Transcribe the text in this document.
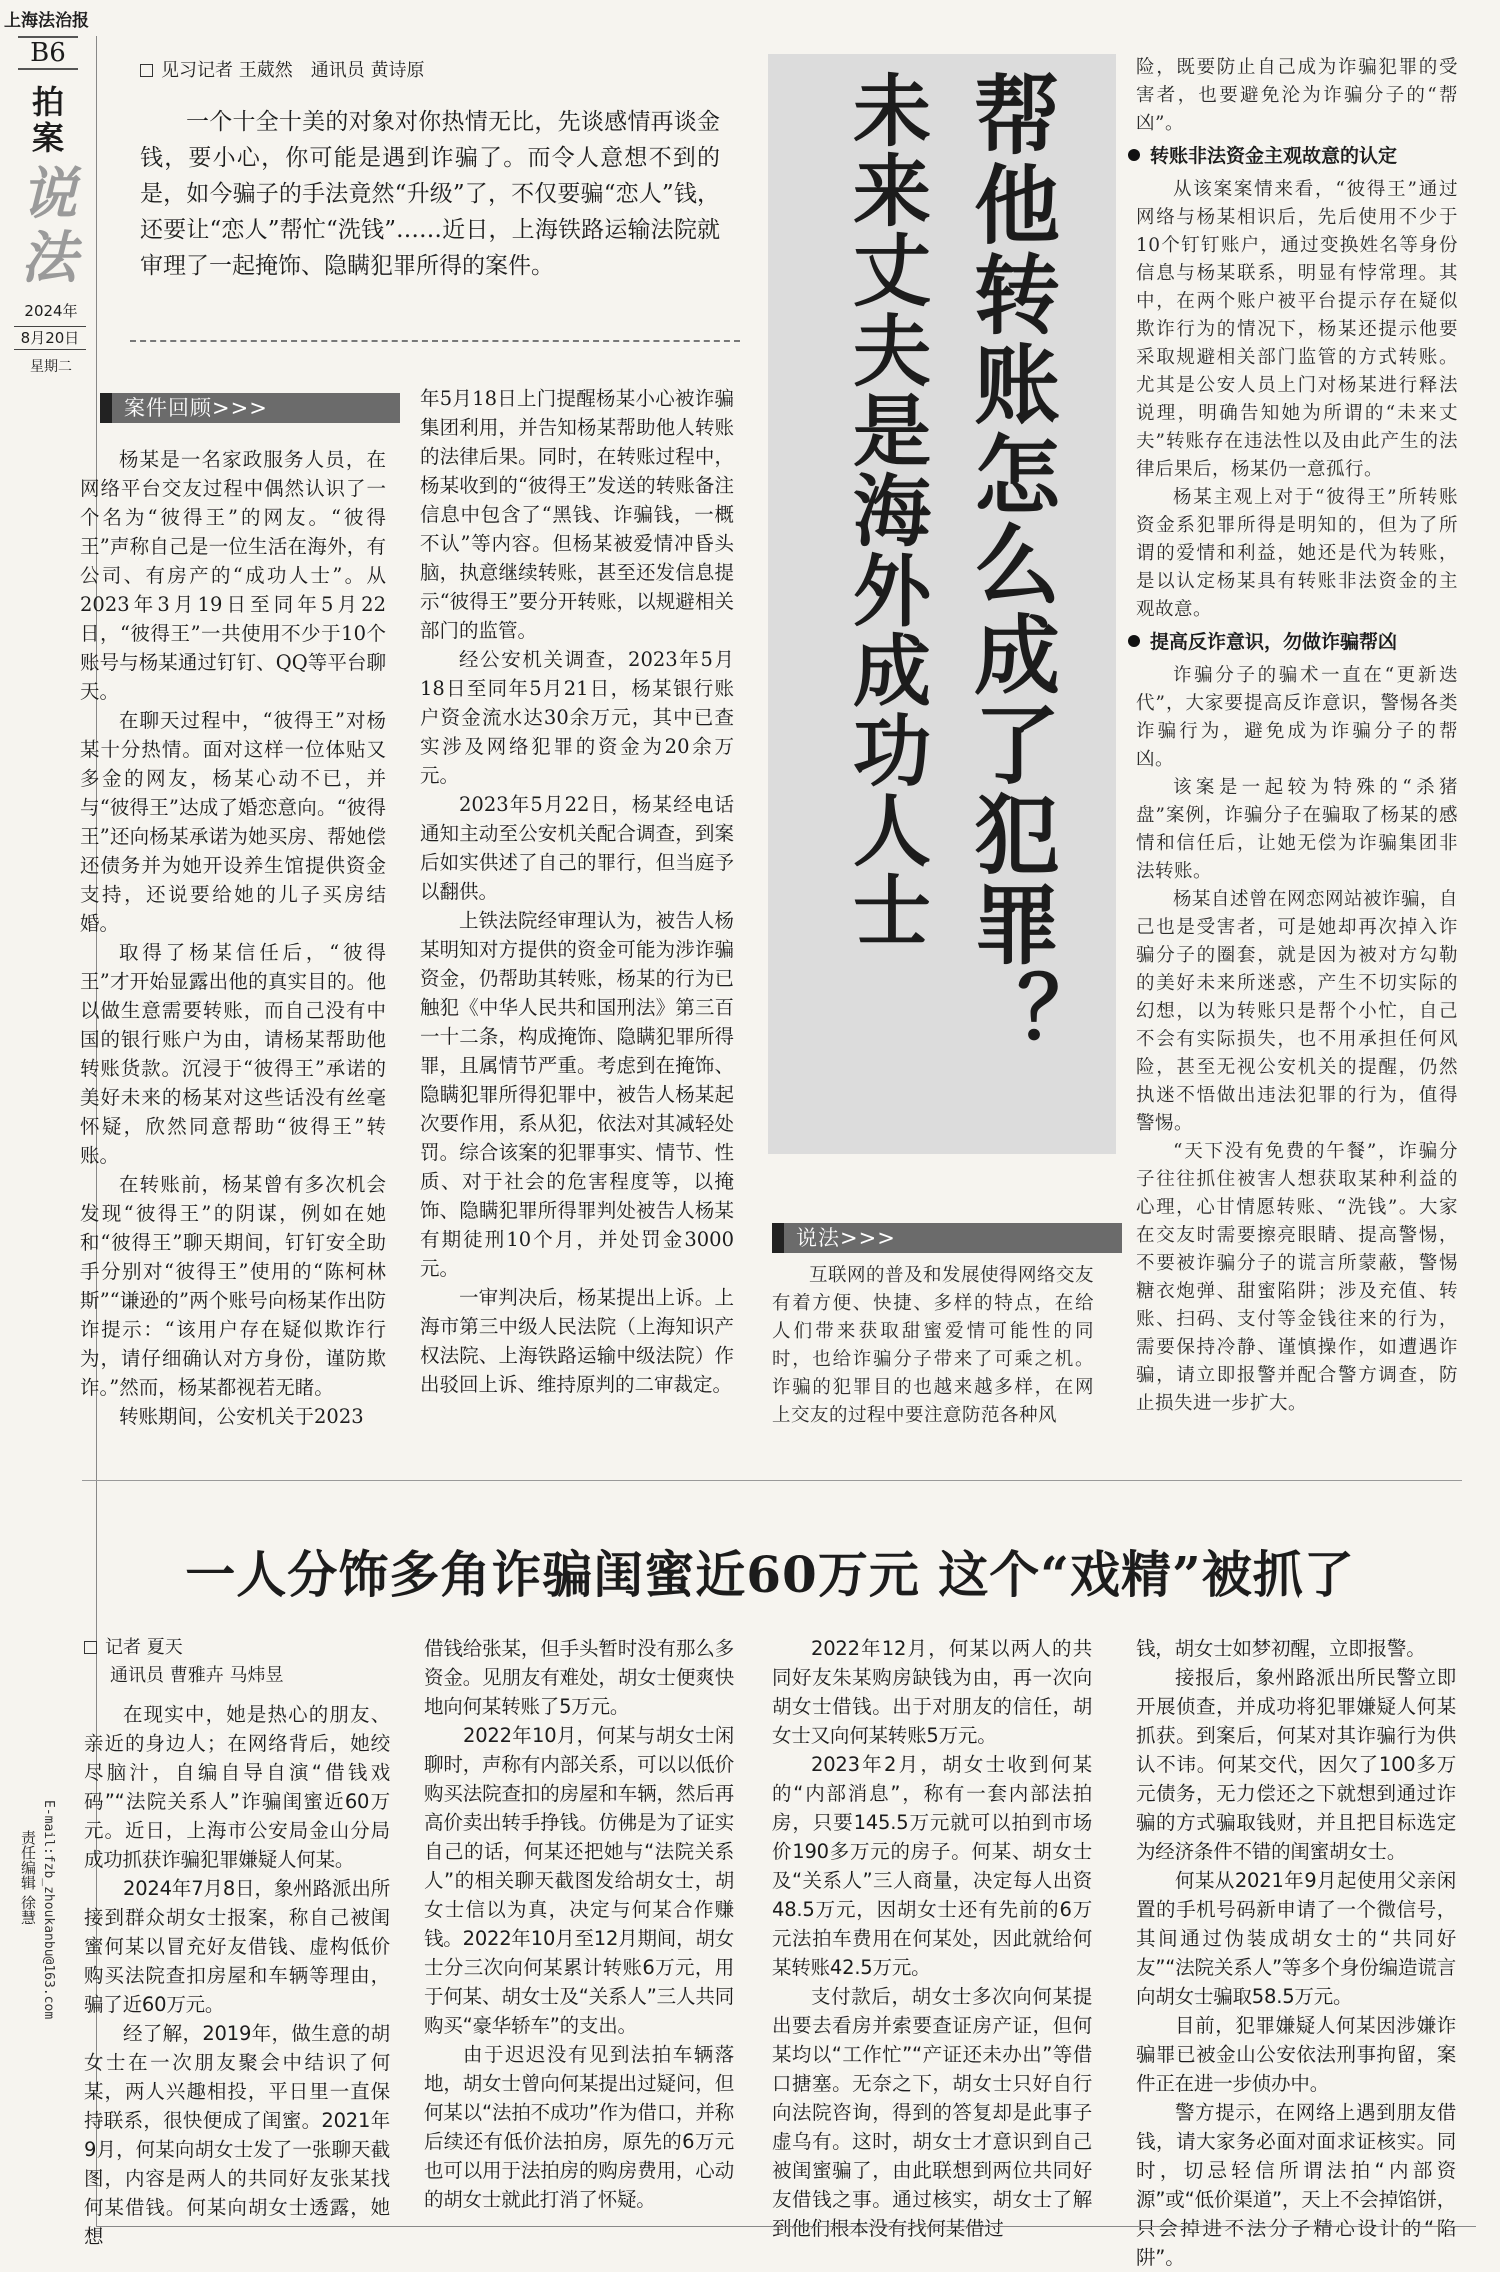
上海法治报
B6
拍案
说法
2024年
8月20日
星期二
责任编辑 徐慧 E-mail:fzb_zhoukanbu@163.com
见习记者 王葳然　通讯员 黄诗原
一个十全十美的对象对你热情无比，先谈感情再谈金钱，要小心，你可能是遇到诈骗了。而令人意想不到的是，如今骗子的手法竟然“升级”了，不仅要骗“恋人”钱，还要让“恋人”帮忙“洗钱”……近日，上海铁路运输法院就审理了一起掩饰、隐瞒犯罪所得的案件。	帮他转账怎么成了犯罪？
未来丈夫是海外成功人士
案件回顾>>>

杨某是一名家政服务人员，在网络平台交友过程中偶然认识了一个名为“彼得王”的网友。“彼得王”声称自己是一位生活在海外，有公司、有房产的“成功人士”。从2023年3月19日至同年5月22日，“彼得王”一共使用不少于10个账号与杨某通过钉钉、QQ等平台聊天。

在聊天过程中，“彼得王”对杨某十分热情。面对这样一位体贴又多金的网友，杨某心动不已，并与“彼得王”达成了婚恋意向。“彼得王”还向杨某承诺为她买房、帮她偿还债务并为她开设养生馆提供资金支持，还说要给她的儿子买房结婚。

取得了杨某信任后，“彼得王”才开始显露出他的真实目的。他以做生意需要转账，而自己没有中国的银行账户为由，请杨某帮助他转账货款。沉浸于“彼得王”承诺的美好未来的杨某对这些话没有丝毫怀疑，欣然同意帮助“彼得王”转账。

在转账前，杨某曾有多次机会发现“彼得王”的阴谋，例如在她和“彼得王”聊天期间，钉钉安全助手分别对“彼得王”使用的“陈柯林斯”“谦逊的”两个账号向杨某作出防诈提示：“该用户存在疑似欺诈行为，请仔细确认对方身份，谨防欺诈。”然而，杨某都视若无睹。

转账期间，公安机关于2023

年5月18日上门提醒杨某小心被诈骗集团利用，并告知杨某帮助他人转账的法律后果。同时，在转账过程中，杨某收到的“彼得王”发送的转账备注信息中包含了“黑钱、诈骗钱，一概不认”等内容。但杨某被爱情冲昏头脑，执意继续转账，甚至还发信息提示“彼得王”要分开转账，以规避相关部门的监管。

经公安机关调查，2023年5月18日至同年5月21日，杨某银行账户资金流水达30余万元，其中已查实涉及网络犯罪的资金为20余万元。

2023年5月22日，杨某经电话通知主动至公安机关配合调查，到案后如实供述了自己的罪行，但当庭予以翻供。

上铁法院经审理认为，被告人杨某明知对方提供的资金可能为涉诈骗资金，仍帮助其转账，杨某的行为已触犯《中华人民共和国刑法》第三百一十二条，构成掩饰、隐瞒犯罪所得罪，且属情节严重。考虑到在掩饰、隐瞒犯罪所得犯罪中，被告人杨某起次要作用，系从犯，依法对其减轻处罚。综合该案的犯罪事实、情节、性质、对于社会的危害程度等，以掩饰、隐瞒犯罪所得罪判处被告人杨某有期徒刑10个月，并处罚金3000元。

一审判决后，杨某提出上诉。上海市第三中级人民法院（上海知识产权法院、上海铁路运输中级法院）作出驳回上诉、维持原判的二审裁定。

说法>>>

互联网的普及和发展使得网络交友有着方便、快捷、多样的特点，在给人们带来获取甜蜜爱情可能性的同时，也给诈骗分子带来了可乘之机。诈骗的犯罪目的也越来越多样，在网上交友的过程中要注意防范各种风

险，既要防止自己成为诈骗犯罪的受害者，也要避免沦为诈骗分子的“帮凶”。

转账非法资金主观故意的认定

从该案案情来看，“彼得王”通过网络与杨某相识后，先后使用不少于10个钉钉账户，通过变换姓名等身份信息与杨某联系，明显有悖常理。其中，在两个账户被平台提示存在疑似欺诈行为的情况下，杨某还提示他要采取规避相关部门监管的方式转账。尤其是公安人员上门对杨某进行释法说理，明确告知她为所谓的“未来丈夫”转账存在违法性以及由此产生的法律后果后，杨某仍一意孤行。

杨某主观上对于“彼得王”所转账资金系犯罪所得是明知的，但为了所谓的爱情和利益，她还是代为转账，是以认定杨某具有转账非法资金的主观故意。

提高反诈意识，勿做诈骗帮凶

诈骗分子的骗术一直在“更新迭代”，大家要提高反诈意识，警惕各类诈骗行为，避免成为诈骗分子的帮凶。

该案是一起较为特殊的“杀猪盘”案例，诈骗分子在骗取了杨某的感情和信任后，让她无偿为诈骗集团非法转账。

杨某自述曾在网恋网站被诈骗，自己也是受害者，可是她却再次掉入诈骗分子的圈套，就是因为被对方勾勒的美好未来所迷惑，产生不切实际的幻想，以为转账只是帮个小忙，自己不会有实际损失，也不用承担任何风险，甚至无视公安机关的提醒，仍然执迷不悟做出违法犯罪的行为，值得警惕。

“天下没有免费的午餐”，诈骗分子往往抓住被害人想获取某种利益的心理，心甘情愿转账、“洗钱”。大家在交友时需要擦亮眼睛、提高警惕，不要被诈骗分子的谎言所蒙蔽，警惕糖衣炮弹、甜蜜陷阱；涉及充值、转账、扫码、支付等金钱往来的行为，需要保持冷静、谨慎操作，如遭遇诈骗，请立即报警并配合警方调查，防止损失进一步扩大。

一人分饰多角诈骗闺蜜近60万元 这个“戏精”被抓了
记者 夏天
通讯员 曹雅卉 马炜昱

在现实中，她是热心的朋友、亲近的身边人；在网络背后，她绞尽脑汁，自编自导自演“借钱戏码”“法院关系人”诈骗闺蜜近60万元。近日，上海市公安局金山分局成功抓获诈骗犯罪嫌疑人何某。

2024年7月8日，象州路派出所接到群众胡女士报案，称自己被闺蜜何某以冒充好友借钱、虚构低价购买法院查扣房屋和车辆等理由，骗了近60万元。

经了解，2019年，做生意的胡女士在一次朋友聚会中结识了何某，两人兴趣相投，平日里一直保持联系，很快便成了闺蜜。2021年9月，何某向胡女士发了一张聊天截图，内容是两人的共同好友张某找何某借钱。何某向胡女士透露，她想

借钱给张某，但手头暂时没有那么多资金。见朋友有难处，胡女士便爽快地向何某转账了5万元。

2022年10月，何某与胡女士闲聊时，声称有内部关系，可以以低价购买法院查扣的房屋和车辆，然后再高价卖出转手挣钱。仿佛是为了证实自己的话，何某还把她与“法院关系人”的相关聊天截图发给胡女士，胡女士信以为真，决定与何某合作赚钱。2022年10月至12月期间，胡女士分三次向何某累计转账6万元，用于何某、胡女士及“关系人”三人共同购买“豪华轿车”的支出。

由于迟迟没有见到法拍车辆落地，胡女士曾向何某提出过疑问，但何某以“法拍不成功”作为借口，并称后续还有低价法拍房，原先的6万元也可以用于法拍房的购房费用，心动的胡女士就此打消了怀疑。

2022年12月，何某以两人的共同好友朱某购房缺钱为由，再一次向胡女士借钱。出于对朋友的信任，胡女士又向何某转账5万元。

2023年2月，胡女士收到何某的“内部消息”，称有一套内部法拍房，只要145.5万元就可以拍到市场价190多万元的房子。何某、胡女士及“关系人”三人商量，决定每人出资48.5万元，因胡女士还有先前的6万元法拍车费用在何某处，因此就给何某转账42.5万元。

支付款后，胡女士多次向何某提出要去看房并索要查证房产证，但何某均以“工作忙”“产证还未办出”等借口搪塞。无奈之下，胡女士只好自行向法院咨询，得到的答复却是此事子虚乌有。这时，胡女士才意识到自己被闺蜜骗了，由此联想到两位共同好友借钱之事。通过核实，胡女士了解到他们根本没有找何某借过

钱，胡女士如梦初醒，立即报警。

接报后，象州路派出所民警立即开展侦查，并成功将犯罪嫌疑人何某抓获。到案后，何某对其诈骗行为供认不讳。何某交代，因欠了100多万元债务，无力偿还之下就想到通过诈骗的方式骗取钱财，并且把目标选定为经济条件不错的闺蜜胡女士。

何某从2021年9月起使用父亲闲置的手机号码新申请了一个微信号，其间通过伪装成胡女士的“共同好友”“法院关系人”等多个身份编造谎言向胡女士骗取58.5万元。

目前，犯罪嫌疑人何某因涉嫌诈骗罪已被金山公安依法刑事拘留，案件正在进一步侦办中。

警方提示，在网络上遇到朋友借钱，请大家务必面对面求证核实。同时，切忌轻信所谓法拍“内部资源”或“低价渠道”，天上不会掉馅饼，只会掉进不法分子精心设计的“陷阱”。
